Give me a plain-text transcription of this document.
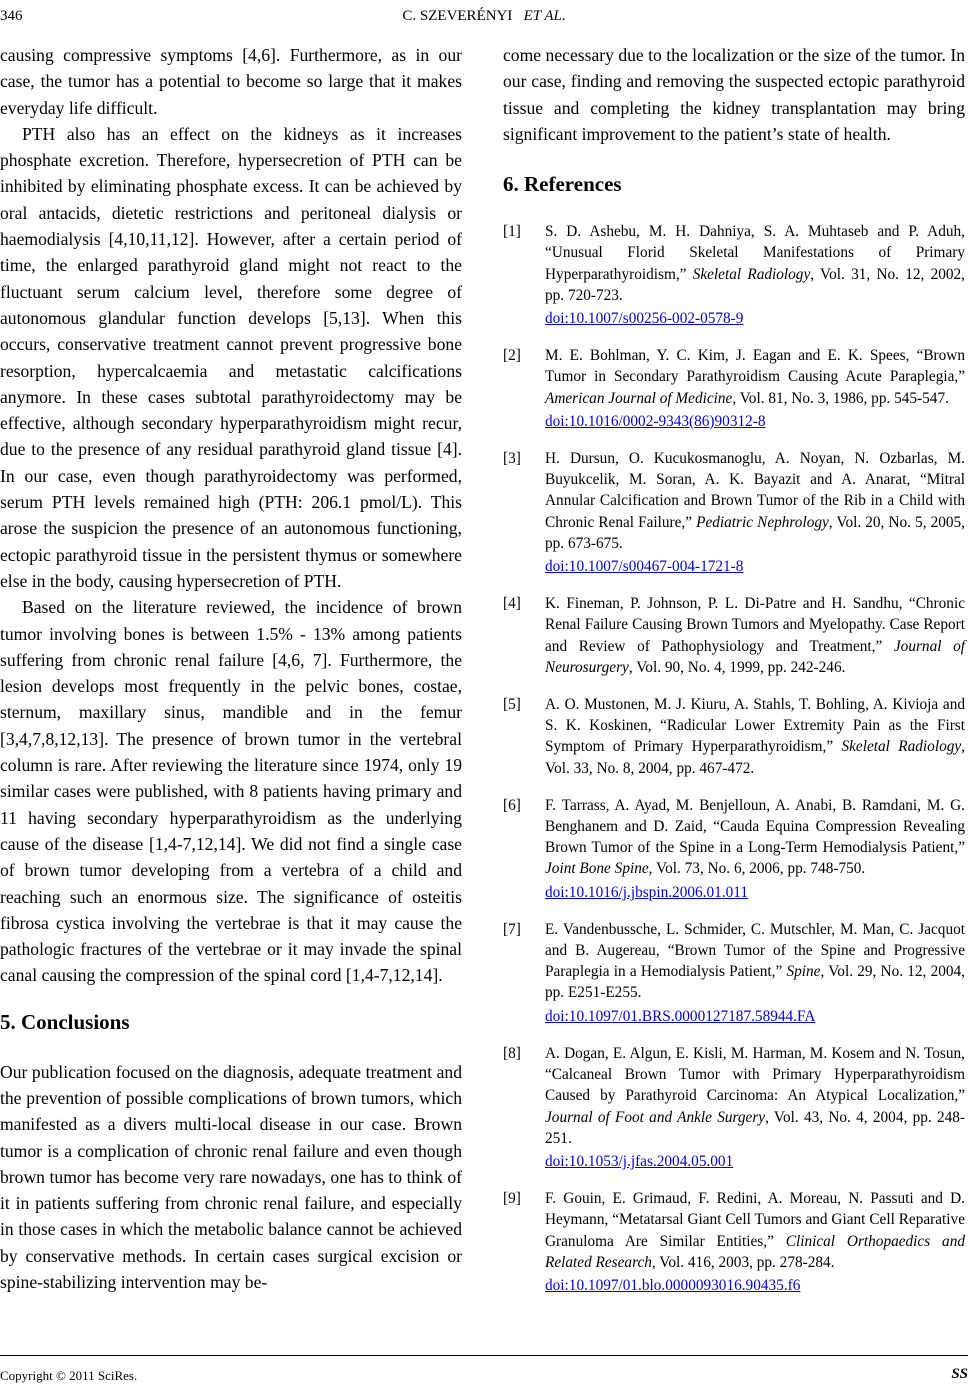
346	C. SZEVERÉNYI ET AL.

causing compressive symptoms [4,6]. Furthermore, as in our case, the tumor has a potential to become so large that it makes everyday life difficult.

PTH also has an effect on the kidneys as it increases phosphate excretion. Therefore, hypersecretion of PTH can be inhibited by eliminating phosphate excess. It can be achieved by oral antacids, dietetic restrictions and peritoneal dialysis or haemodialysis [4,10,11,12]. However, after a certain period of time, the enlarged parathyroid gland might not react to the fluctuant serum calcium level, therefore some degree of autonomous glandular function develops [5,13]. When this occurs, conservative treatment cannot prevent progressive bone resorption, hypercalcaemia and metastatic calcifications anymore. In these cases subtotal parathyroidectomy may be effective, although secondary hyperparathyroidism might recur, due to the presence of any residual parathyroid gland tissue [4]. In our case, even though parathyroidectomy was performed, serum PTH levels remained high (PTH: 206.1 pmol/L). This arose the suspicion the presence of an autonomous functioning, ectopic parathyroid tissue in the persistent thymus or somewhere else in the body, causing hypersecretion of PTH.

Based on the literature reviewed, the incidence of brown tumor involving bones is between 1.5% - 13% among patients suffering from chronic renal failure [4,6, 7]. Furthermore, the lesion develops most frequently in the pelvic bones, costae, sternum, maxillary sinus, mandible and in the femur [3,4,7,8,12,13]. The presence of brown tumor in the vertebral column is rare. After reviewing the literature since 1974, only 19 similar cases were published, with 8 patients having primary and 11 having secondary hyperparathyroidism as the underlying cause of the disease [1,4-7,12,14]. We did not find a single case of brown tumor developing from a vertebra of a child and reaching such an enormous size. The significance of osteitis fibrosa cystica involving the vertebrae is that it may cause the pathologic fractures of the vertebrae or it may invade the spinal canal causing the compression of the spinal cord [1,4-7,12,14].

5. Conclusions

Our publication focused on the diagnosis, adequate treatment and the prevention of possible complications of brown tumors, which manifested as a divers multi-local disease in our case. Brown tumor is a complication of chronic renal failure and even though brown tumor has become very rare nowadays, one has to think of it in patients suffering from chronic renal failure, and especially in those cases in which the metabolic balance cannot be achieved by conservative methods. In certain cases surgical excision or spine-stabilizing intervention may be-

come necessary due to the localization or the size of the tumor. In our case, finding and removing the suspected ectopic parathyroid tissue and completing the kidney transplantation may bring significant improvement to the patient’s state of health.

6. References
[1] S. D. Ashebu, M. H. Dahniya, S. A. Muhtaseb and P. Aduh, “Unusual Florid Skeletal Manifestations of Primary Hyperparathyroidism,” Skeletal Radiology, Vol. 31, No. 12, 2002, pp. 720-723.
doi:10.1007/s00256-002-0578-9
[2] M. E. Bohlman, Y. C. Kim, J. Eagan and E. K. Spees, “Brown Tumor in Secondary Parathyroidism Causing Acute Paraplegia,” American Journal of Medicine, Vol. 81, No. 3, 1986, pp. 545-547.
doi:10.1016/0002-9343(86)90312-8
[3] H. Dursun, O. Kucukosmanoglu, A. Noyan, N. Ozbarlas, M. Buyukcelik, M. Soran, A. K. Bayazit and A. Anarat, “Mitral Annular Calcification and Brown Tumor of the Rib in a Child with Chronic Renal Failure,” Pediatric Nephrology, Vol. 20, No. 5, 2005, pp. 673-675.
doi:10.1007/s00467-004-1721-8
[4] K. Fineman, P. Johnson, P. L. Di-Patre and H. Sandhu, “Chronic Renal Failure Causing Brown Tumors and Myelopathy. Case Report and Review of Pathophysiology and Treatment,” Journal of Neurosurgery, Vol. 90, No. 4, 1999, pp. 242-246.
[5] A. O. Mustonen, M. J. Kiuru, A. Stahls, T. Bohling, A. Kivioja and S. K. Koskinen, “Radicular Lower Extremity Pain as the First Symptom of Primary Hyperparathyroidism,” Skeletal Radiology, Vol. 33, No. 8, 2004, pp. 467-472.
[6] F. Tarrass, A. Ayad, M. Benjelloun, A. Anabi, B. Ramdani, M. G. Benghanem and D. Zaid, “Cauda Equina Compression Revealing Brown Tumor of the Spine in a Long-Term Hemodialysis Patient,” Joint Bone Spine, Vol. 73, No. 6, 2006, pp. 748-750.
doi:10.1016/j.jbspin.2006.01.011
[7] E. Vandenbussche, L. Schmider, C. Mutschler, M. Man, C. Jacquot and B. Augereau, “Brown Tumor of the Spine and Progressive Paraplegia in a Hemodialysis Patient,” Spine, Vol. 29, No. 12, 2004, pp. E251-E255.
doi:10.1097/01.BRS.0000127187.58944.FA
[8] A. Dogan, E. Algun, E. Kisli, M. Harman, M. Kosem and N. Tosun, “Calcaneal Brown Tumor with Primary Hyperparathyroidism Caused by Parathyroid Carcinoma: An Atypical Localization,” Journal of Foot and Ankle Surgery, Vol. 43, No. 4, 2004, pp. 248-251.
doi:10.1053/j.jfas.2004.05.001
[9] F. Gouin, E. Grimaud, F. Redini, A. Moreau, N. Passuti and D. Heymann, “Metatarsal Giant Cell Tumors and Giant Cell Reparative Granuloma Are Similar Entities,” Clinical Orthopaedics and Related Research, Vol. 416, 2003, pp. 278-284.
doi:10.1097/01.blo.0000093016.90435.f6
Copyright © 2011 SciRes.	SS
